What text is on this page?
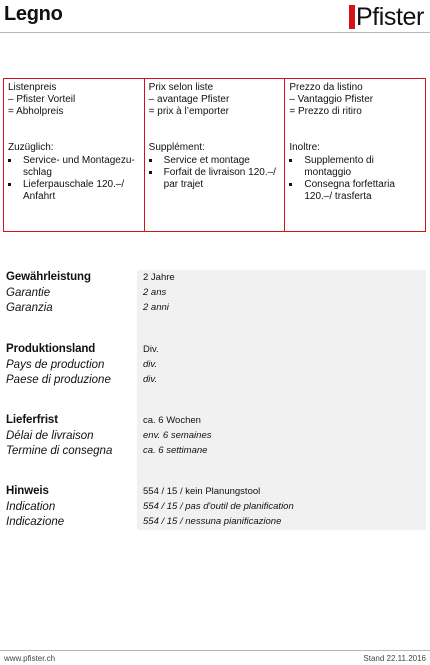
Legno	Pfister
Listenpreis
– Pfister Vorteil
= Abholpreis
Zuzüglich:
Service- und Montagezu-schlag
Lieferpauschale 120.–/ Anfahrt
Prix selon liste
– avantage Pfister
= prix à l’emporter
Supplément:
Service et montage
Forfait de livraison 120.–/ par trajet
Prezzo da listino
– Vantaggio Pfister
= Prezzo di ritiro
Inoltre:
Supplemento di montaggio
Consegna forfettaria 120.–/ trasferta
Gewährleistung
Garantie
Garanzia
2 Jahre
2 ans
2 anni
Produktionsland
Pays de production
Paese di produzione
Div.
div.
div.
Lieferfrist
Délai de livraison
Termine di consegna
ca. 6 Wochen
env. 6 semaines
ca. 6 settimane
Hinweis
Indication
Indicazione
554 / 15 / kein Planungstool
554 / 15 / pas d'outil de planification
554 / 15 / nessuna pianificazione
www.pfister.ch	Stand 22.11.2016
